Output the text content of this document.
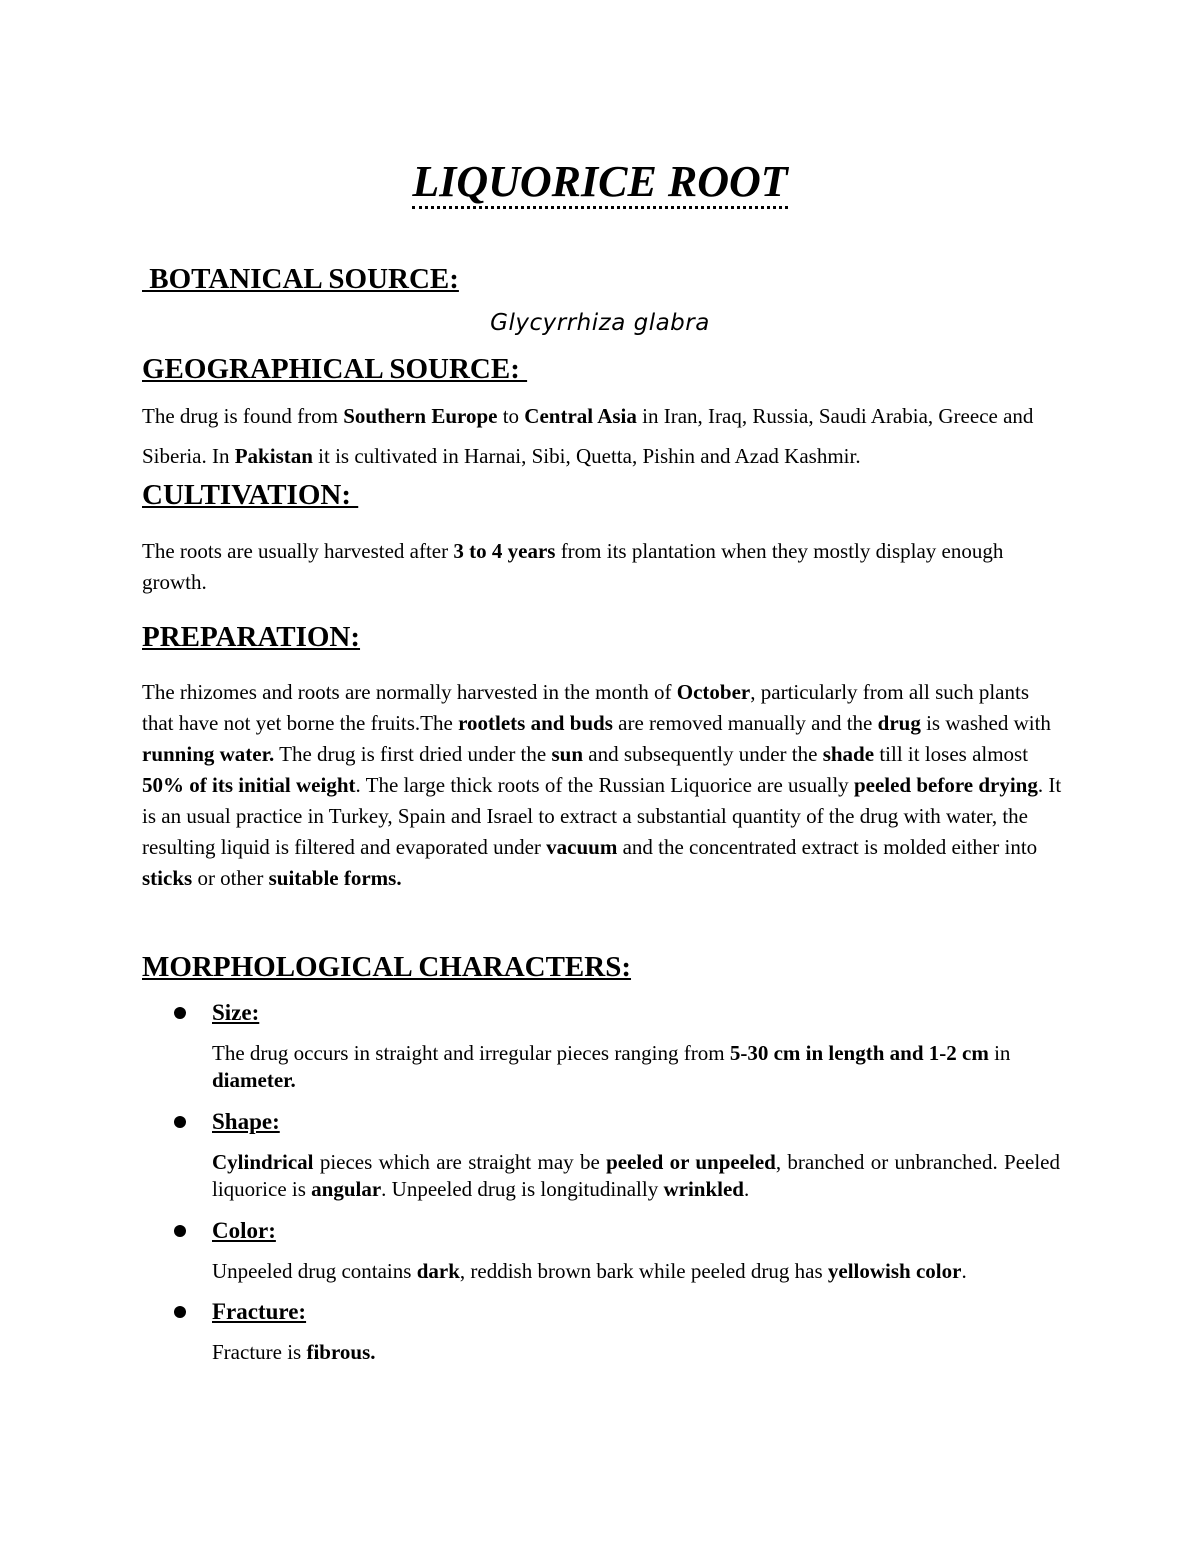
LIQUORICE ROOT
BOTANICAL SOURCE:
Glycyrrhiza glabra
GEOGRAPHICAL SOURCE:
The drug is found from Southern Europe to Central Asia in Iran, Iraq, Russia, Saudi Arabia, Greece and Siberia. In Pakistan it is cultivated in Harnai, Sibi, Quetta, Pishin and Azad Kashmir.
CULTIVATION:
The roots are usually harvested after 3 to 4 years from its plantation when they mostly display enough growth.
PREPARATION:
The rhizomes and roots are normally harvested in the month of October, particularly from all such plants that have not yet borne the fruits.The rootlets and buds are removed manually and the drug is washed with running water. The drug is first dried under the sun and subsequently under the shade till it loses almost 50% of its initial weight. The large thick roots of the Russian Liquorice are usually peeled before drying. It is an usual practice in Turkey, Spain and Israel to extract a substantial quantity of the drug with water, the resulting liquid is filtered and evaporated under vacuum and the concentrated extract is molded either into sticks or other suitable forms.
MORPHOLOGICAL CHARACTERS:
Size:
The drug occurs in straight and irregular pieces ranging from 5-30 cm in length and 1-2 cm in diameter.
Shape:
Cylindrical pieces which are straight may be peeled or unpeeled, branched or unbranched. Peeled liquorice is angular. Unpeeled drug is longitudinally wrinkled.
Color:
Unpeeled drug contains dark, reddish brown bark while peeled drug has yellowish color.
Fracture:
Fracture is fibrous.
